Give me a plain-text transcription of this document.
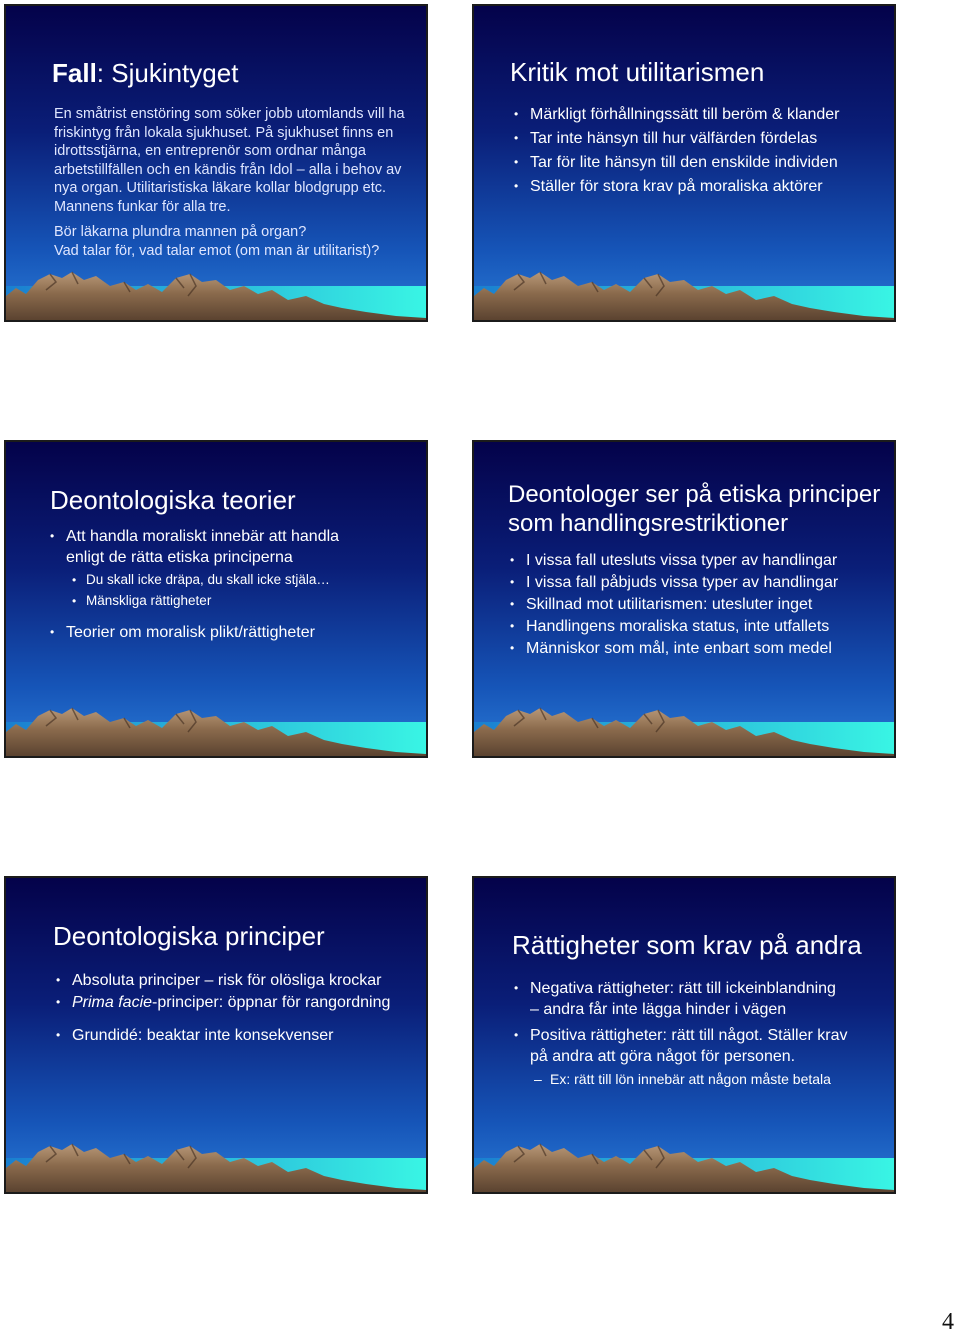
Fall: Sjukintyget
En småtrist enstöring som söker jobb utomlands vill ha friskintyg från lokala sjukhuset. På sjukhuset finns en idrottsstjärna, en entreprenör som ordnar många arbetstillfällen och en kändis från Idol – alla i behov av nya organ. Utilitaristiska läkare kollar blodgrupp etc. Mannens funkar för alla tre.
Bör läkarna plundra mannen på organ?
Vad talar för, vad talar emot (om man är utilitarist)?
Kritik mot utilitarismen
• Märkligt förhållningssätt till beröm & klander
• Tar inte hänsyn till hur välfärden fördelas
• Tar för lite hänsyn till den enskilde individen
• Ställer för stora krav på moraliska aktörer
Deontologiska teorier
• Att handla moraliskt innebär att handla enligt de rätta etiska principerna
• Du skall icke dräpa, du skall icke stjäla…
• Mänskliga rättigheter
• Teorier om moralisk plikt/rättigheter
Deontologer ser på etiska principer
som handlingsrestriktioner
• I vissa fall utesluts vissa typer av handlingar
• I vissa fall påbjuds vissa typer av handlingar
• Skillnad mot utilitarismen: utesluter inget
• Handlingens moraliska status, inte utfallets
• Människor som mål, inte enbart som medel
Deontologiska principer
• Absoluta principer – risk för olösliga krockar
• Prima facie-principer: öppnar för rangordning
• Grundidé: beaktar inte konsekvenser
Rättigheter som krav på andra
• Negativa rättigheter: rätt till ickeinblandning
– andra får inte lägga hinder i vägen
• Positiva rättigheter: rätt till något. Ställer krav
på andra att göra något för personen.
– Ex: rätt till lön innebär att någon måste betala
4
